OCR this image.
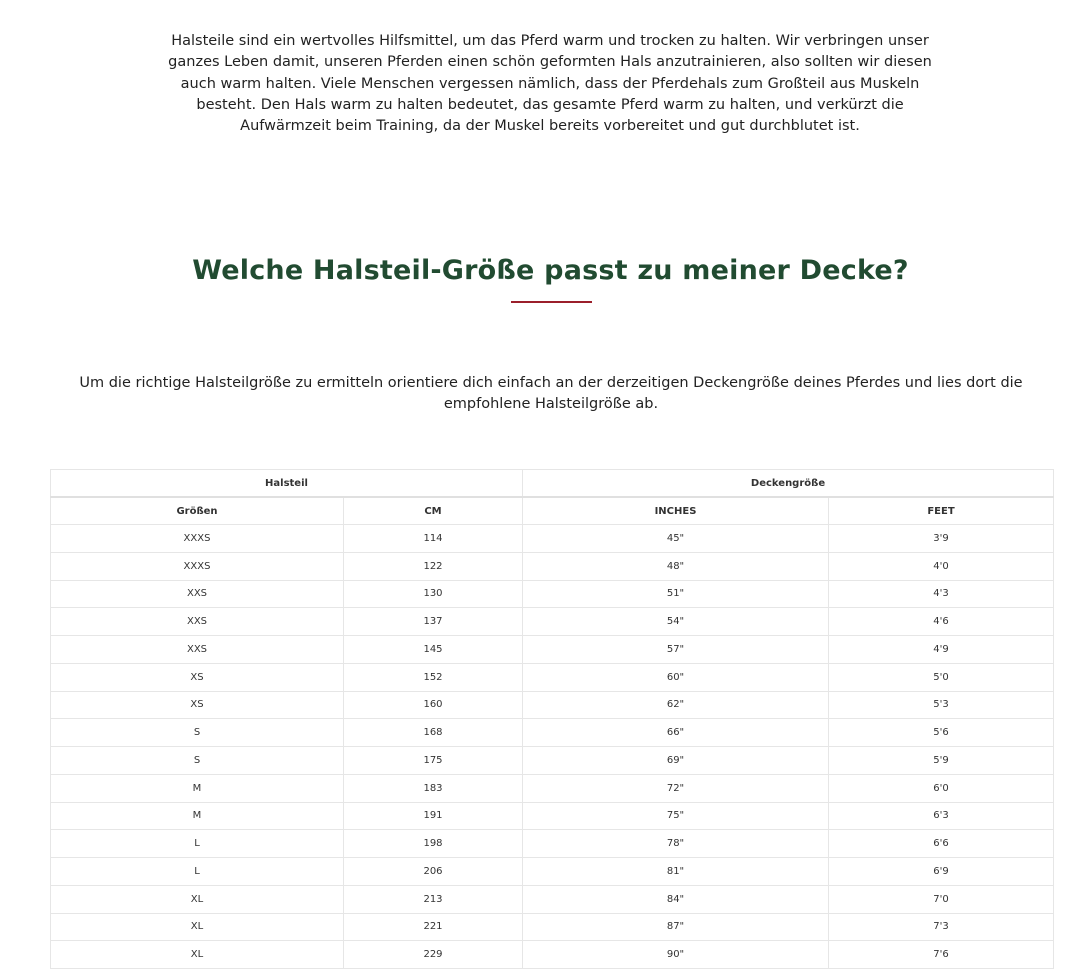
Halsteile sind ein wertvolles Hilfsmittel, um das Pferd warm und trocken zu halten. Wir verbringen unser ganzes Leben damit, unseren Pferden einen schön geformten Hals anzutrainieren, also sollten wir diesen auch warm halten. Viele Menschen vergessen nämlich, dass der Pferdehals zum Großteil aus Muskeln besteht. Den Hals warm zu halten bedeutet, das gesamte Pferd warm zu halten, und verkürzt die Aufwärmzeit beim Training, da der Muskel bereits vorbereitet und gut durchblutet ist.

Welche Halsteil-Größe passt zu meiner Decke?

Um die richtige Halsteilgröße zu ermitteln orientiere dich einfach an der derzeitigen Deckengröße deines Pferdes und lies dort die empfohlene Halsteilgröße ab.

Halsteil		Deckengröße	
Größen	CM	INCHES	FEET
XXXS	114	45"	3'9
XXXS	122	48"	4'0
XXS	130	51"	4'3
XXS	137	54"	4'6
XXS	145	57"	4'9
XS	152	60"	5'0
XS	160	62"	5'3
S	168	66"	5'6
S	175	69"	5'9
M	183	72"	6'0
M	191	75"	6'3
L	198	78"	6'6
L	206	81"	6'9
XL	213	84"	7'0
XL	221	87"	7'3
XL	229	90"	7'6
